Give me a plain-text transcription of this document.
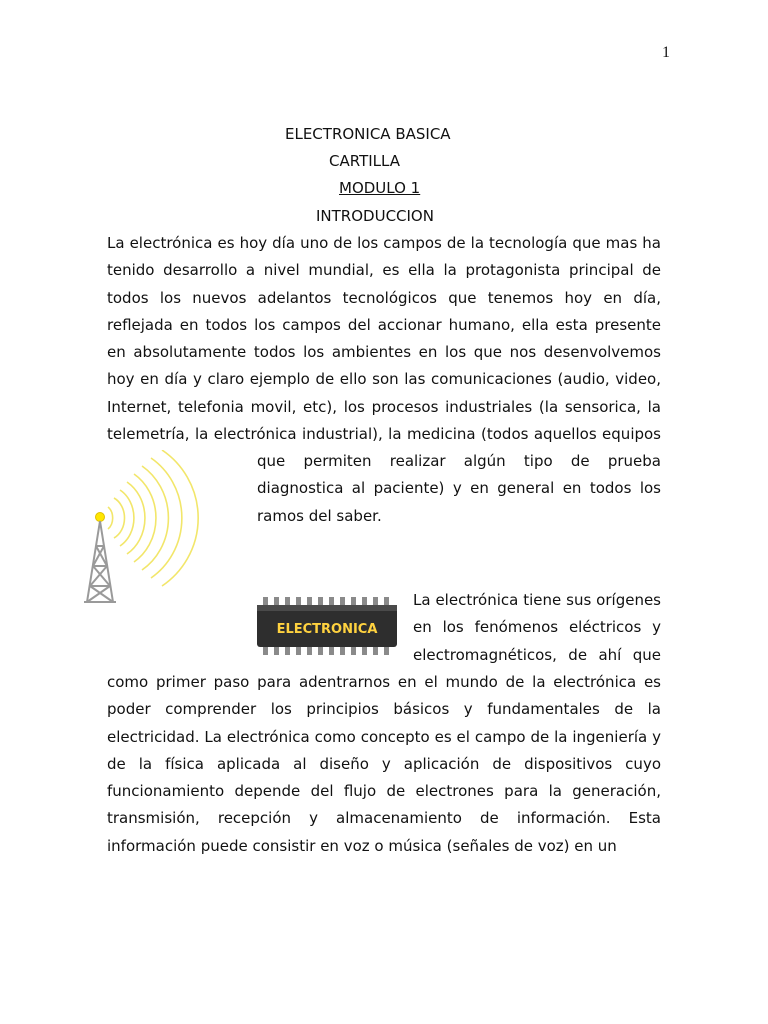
1
ELECTRONICA BASICA
CARTILLA
MODULO 1
INTRODUCCION
La electrónica es hoy día uno de los campos de la tecnología que mas ha
tenido desarrollo a nivel mundial, es ella la protagonista principal de
todos los nuevos adelantos tecnológicos que tenemos hoy en día,
reflejada en todos los campos del accionar humano, ella esta presente
en absolutamente todos los ambientes en los que nos desenvolvemos
hoy en día y claro ejemplo de ello son las comunicaciones (audio, video,
Internet, telefonia movil, etc), los procesos industriales (la sensorica, la
telemetría, la electrónica industrial), la medicina (todos aquellos equipos
que permiten realizar algún tipo de prueba
diagnostica al paciente) y en general en todos los
ramos del saber.
ELECTRONICA
La electrónica tiene sus orígenes
en los fenómenos eléctricos y
electromagnéticos, de ahí que
como primer paso para adentrarnos en el mundo de la electrónica es
poder comprender los principios básicos y fundamentales de la
electricidad. La electrónica como concepto es el campo de la ingeniería y
de la física aplicada al diseño y aplicación de dispositivos cuyo
funcionamiento depende del flujo de electrones para la generación,
transmisión, recepción y almacenamiento de información. Esta
información puede consistir en voz o música (señales de voz) en un
